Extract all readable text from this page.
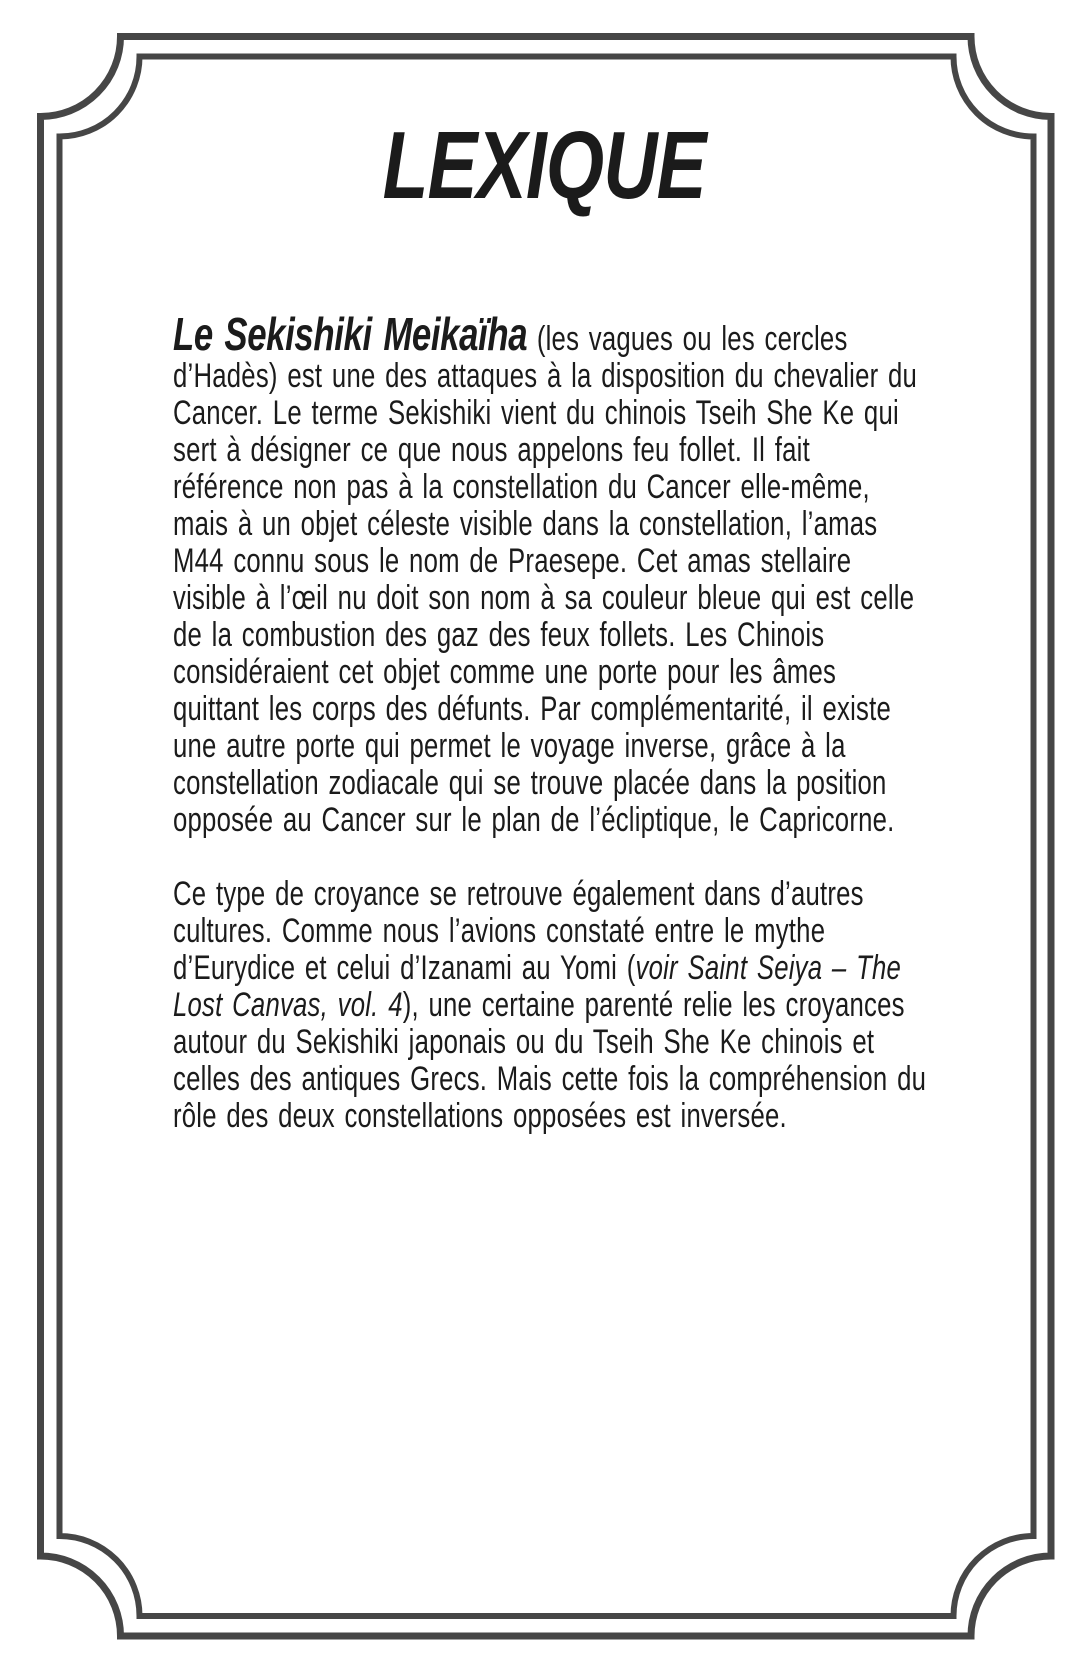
LEXIQUE

Le Sekishiki Meikaïha (les vagues ou les cercles d’Hadès) est une des attaques à la disposition du chevalier du Cancer. Le terme Sekishiki vient du chinois Tseih She Ke qui sert à désigner ce que nous appelons feu follet. Il fait référence non pas à la constellation du Cancer elle-même, mais à un objet céleste visible dans la constellation, l’amas M44 connu sous le nom de Praesepe. Cet amas stellaire visible à l’œil nu doit son nom à sa couleur bleue qui est celle de la combustion des gaz des feux follets. Les Chinois considéraient cet objet comme une porte pour les âmes quittant les corps des défunts. Par complémentarité, il existe une autre porte qui permet le voyage inverse, grâce à la constellation zodiacale qui se trouve placée dans la position opposée au Cancer sur le plan de l’écliptique, le Capricorne.

Ce type de croyance se retrouve également dans d’autres cultures. Comme nous l’avions constaté entre le mythe d’Eurydice et celui d’Izanami au Yomi (voir Saint Seiya – The Lost Canvas, vol. 4), une certaine parenté relie les croyances autour du Sekishiki japonais ou du Tseih She Ke chinois et celles des antiques Grecs. Mais cette fois la compréhension du rôle des deux constellations opposées est inversée.
